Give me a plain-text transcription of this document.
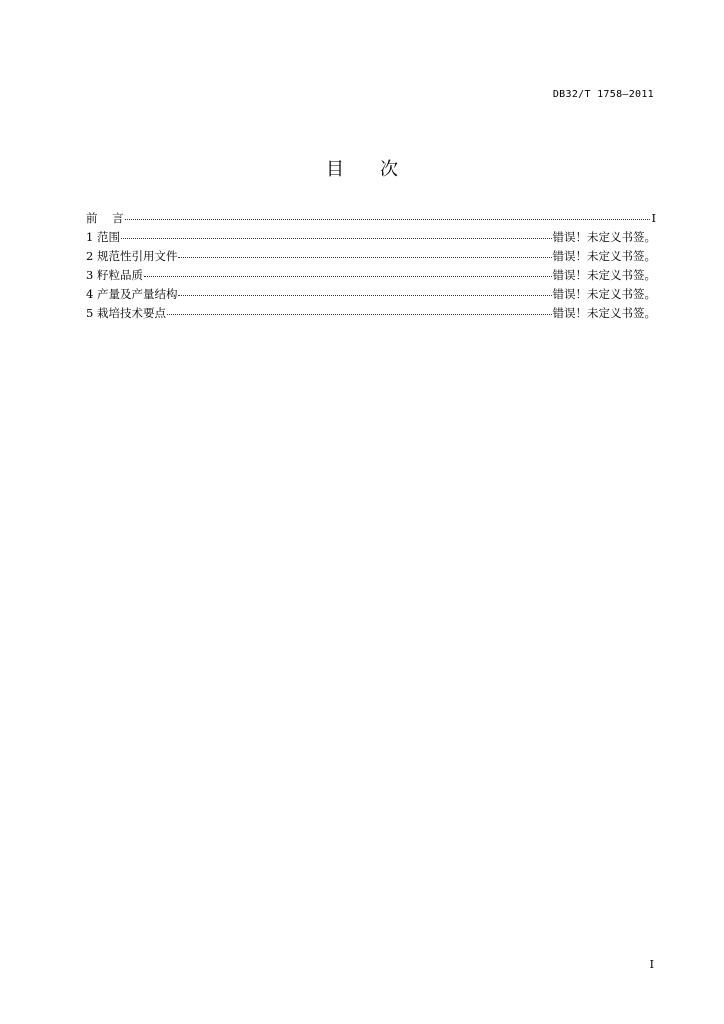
DB32/T 1758—2011
目 次
前    言	I
1 范围	错误！未定义书签。
2 规范性引用文件	错误！未定义书签。
3 籽粒品质	错误！未定义书签。
4 产量及产量结构	错误！未定义书签。
5 栽培技术要点	错误！未定义书签。
I
